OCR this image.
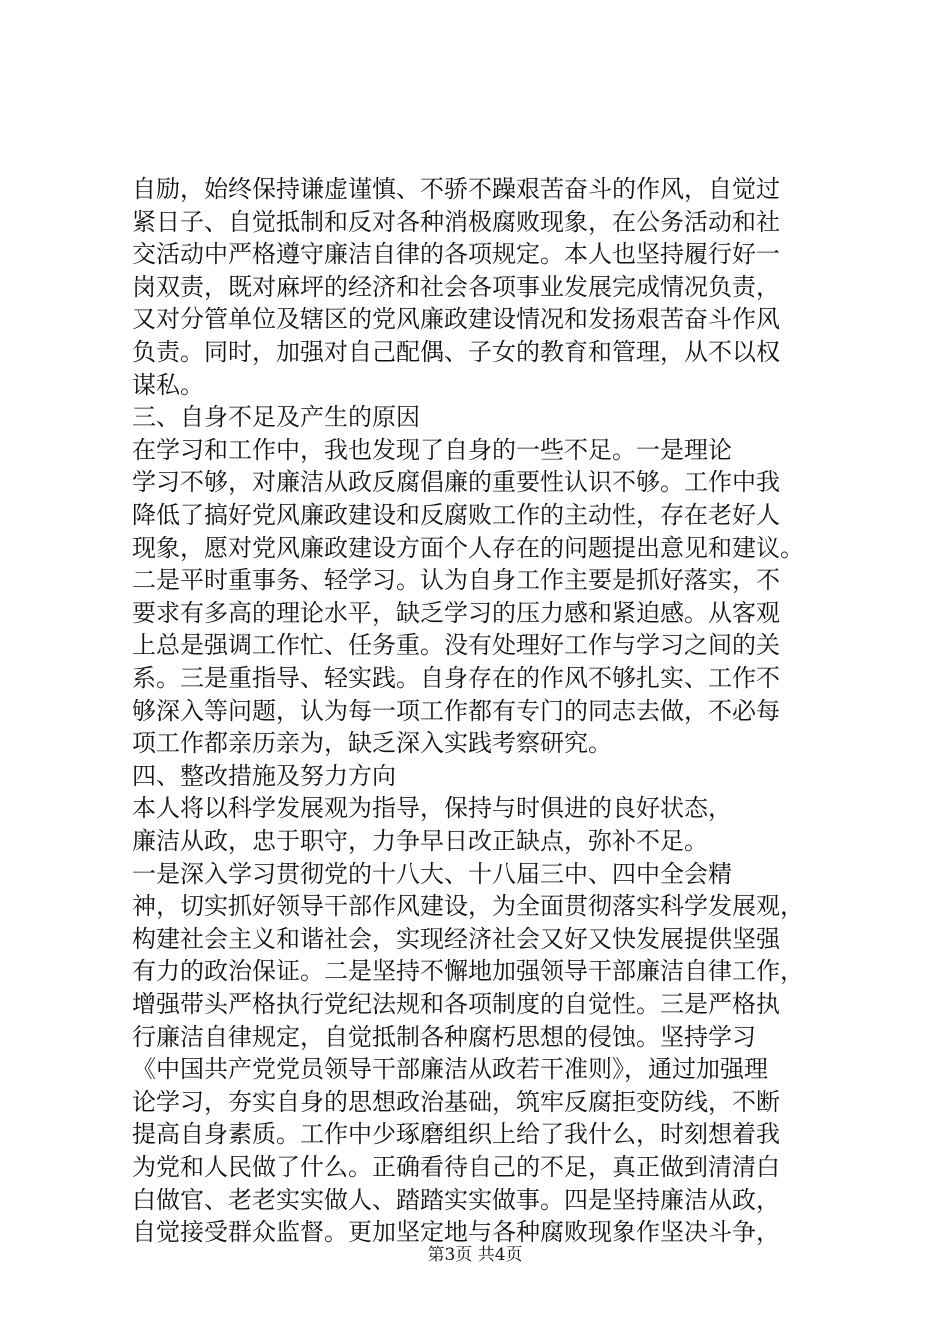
自励，始终保持谦虚谨慎、不骄不躁艰苦奋斗的作风，自觉过
紧日子、自觉抵制和反对各种消极腐败现象，在公务活动和社
交活动中严格遵守廉洁自律的各项规定。本人也坚持履行好一
岗双责，既对麻坪的经济和社会各项事业发展完成情况负责，
又对分管单位及辖区的党风廉政建设情况和发扬艰苦奋斗作风
负责。同时，加强对自己配偶、子女的教育和管理，从不以权
谋私。
三、自身不足及产生的原因
在学习和工作中，我也发现了自身的一些不足。一是理论
学习不够，对廉洁从政反腐倡廉的重要性认识不够。工作中我
降低了搞好党风廉政建设和反腐败工作的主动性，存在老好人
现象，愿对党风廉政建设方面个人存在的问题提出意见和建议。
二是平时重事务、轻学习。认为自身工作主要是抓好落实，不
要求有多高的理论水平，缺乏学习的压力感和紧迫感。从客观
上总是强调工作忙、任务重。没有处理好工作与学习之间的关
系。三是重指导、轻实践。自身存在的作风不够扎实、工作不
够深入等问题，认为每一项工作都有专门的同志去做，不必每
项工作都亲历亲为，缺乏深入实践考察研究。
四、整改措施及努力方向
本人将以科学发展观为指导，保持与时俱进的良好状态，
廉洁从政，忠于职守，力争早日改正缺点，弥补不足。
一是深入学习贯彻党的十八大、十八届三中、四中全会精
神，切实抓好领导干部作风建设，为全面贯彻落实科学发展观，
构建社会主义和谐社会，实现经济社会又好又快发展提供坚强
有力的政治保证。二是坚持不懈地加强领导干部廉洁自律工作，
增强带头严格执行党纪法规和各项制度的自觉性。三是严格执
行廉洁自律规定，自觉抵制各种腐朽思想的侵蚀。坚持学习
《中国共产党党员领导干部廉洁从政若干准则》，通过加强理
论学习，夯实自身的思想政治基础，筑牢反腐拒变防线，不断
提高自身素质。工作中少琢磨组织上给了我什么，时刻想着我
为党和人民做了什么。正确看待自己的不足，真正做到清清白
白做官、老老实实做人、踏踏实实做事。四是坚持廉洁从政，
自觉接受群众监督。更加坚定地与各种腐败现象作坚决斗争，
第3页 共4页
